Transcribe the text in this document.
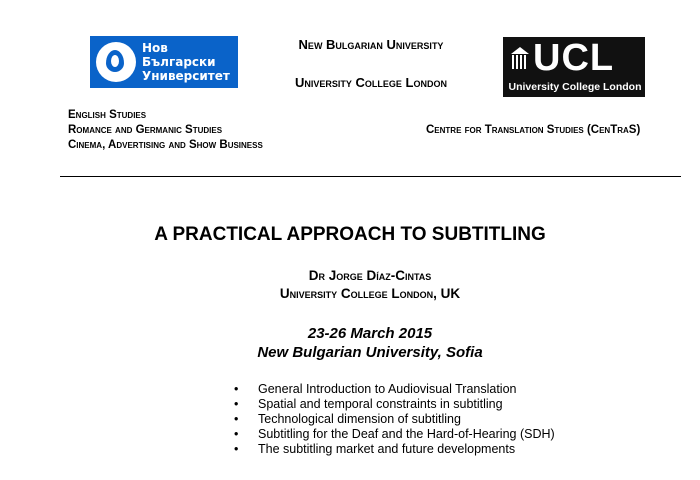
Нов
Български
Университет
New Bulgarian University
University College London
UCL
University College London
English Studies
Romance and Germanic Studies
Cinema, Advertising and Show Business
Centre for Translation Studies (CenTraS)
A PRACTICAL APPROACH TO SUBTITLING
Dr Jorge Díaz-Cintas
University College London, UK
23-26 March 2015
New Bulgarian University, Sofia
• General Introduction to Audiovisual Translation
• Spatial and temporal constraints in subtitling
• Technological dimension of subtitling
• Subtitling for the Deaf and the Hard-of-Hearing (SDH)
• The subtitling market and future developments
